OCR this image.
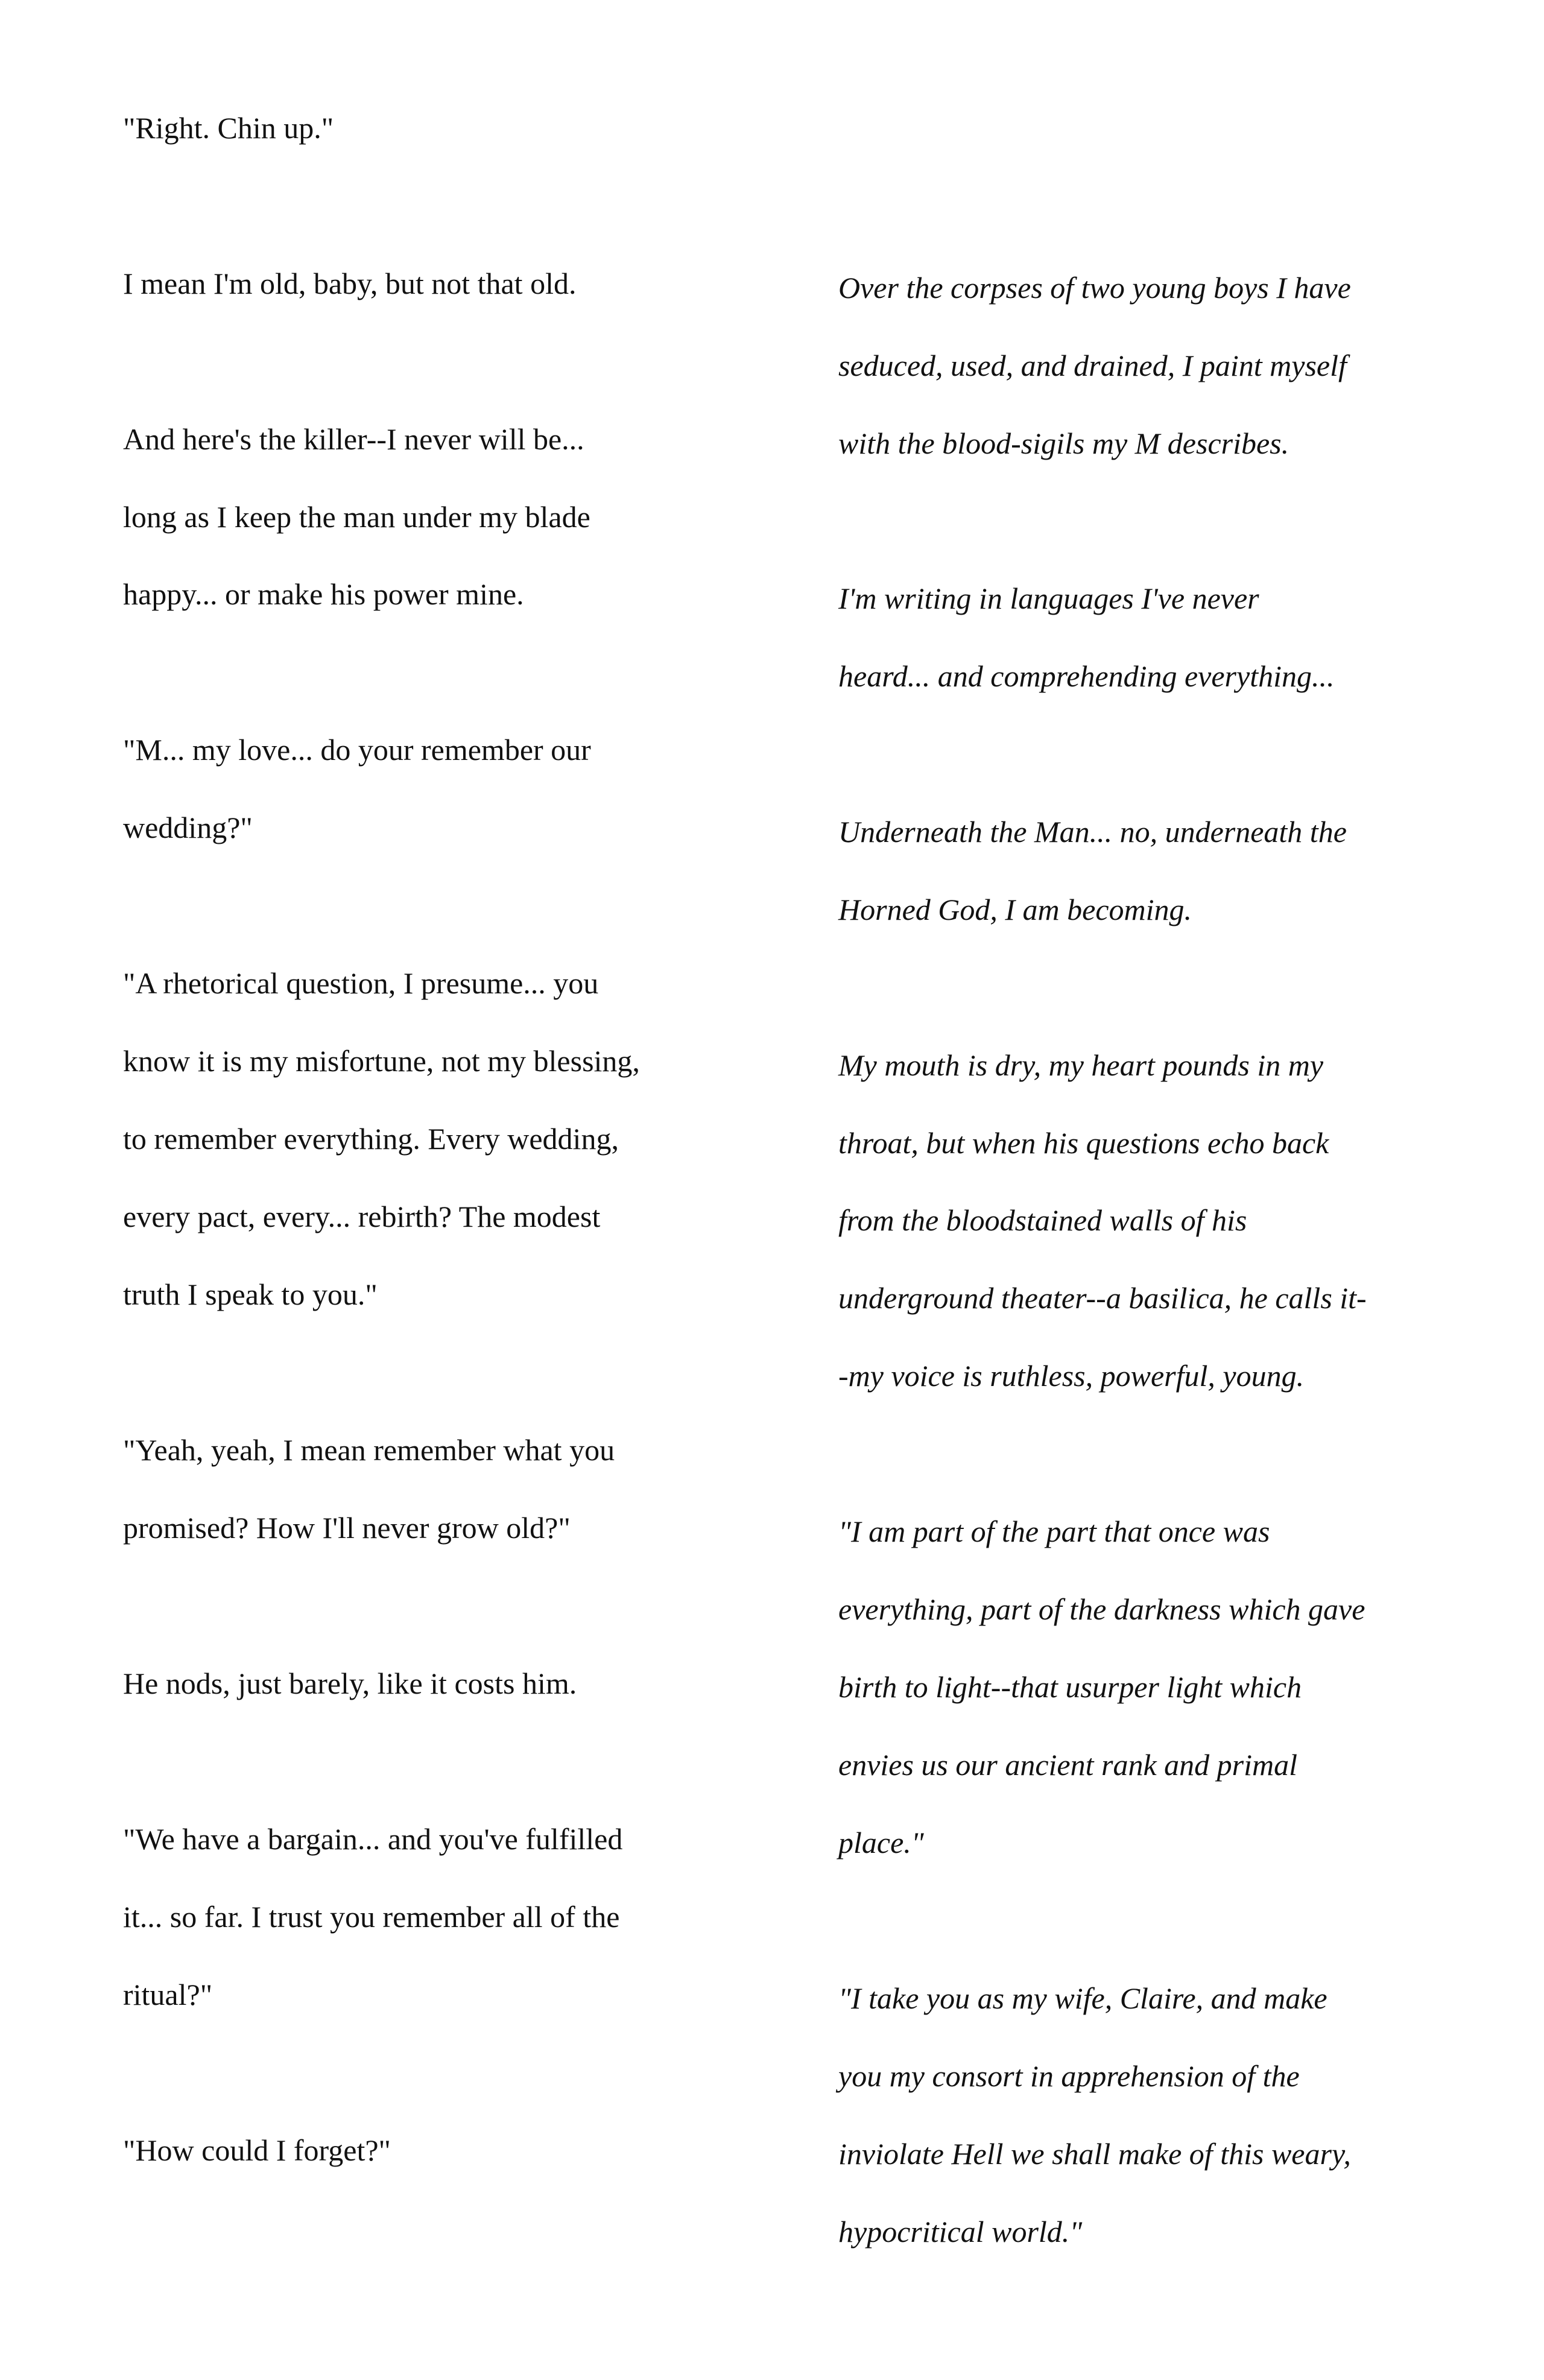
"Right. Chin up."
I mean I'm old, baby, but not that old.
And here's the killer--I never will be...
long as I keep the man under my blade
happy... or make his power mine.
"M... my love... do your remember our
wedding?"
"A rhetorical question, I presume... you
know it is my misfortune, not my blessing,
to remember everything. Every wedding,
every pact, every... rebirth? The modest
truth I speak to you."
"Yeah, yeah, I mean remember what you
promised? How I'll never grow old?"
He nods, just barely, like it costs him.
"We have a bargain... and you've fulfilled
it... so far. I trust you remember all of the
ritual?"
"How could I forget?"
Over the corpses of two young boys I have
seduced, used, and drained, I paint myself
with the blood-sigils my M describes.
I'm writing in languages I've never
heard... and comprehending everything...
Underneath the Man... no, underneath the
Horned God, I am becoming.
My mouth is dry, my heart pounds in my
throat, but when his questions echo back
from the bloodstained walls of his
underground theater--a basilica, he calls it-
-my voice is ruthless, powerful, young.
"I am part of the part that once was
everything, part of the darkness which gave
birth to light--that usurper light which
envies us our ancient rank and primal
place."
"I take you as my wife, Claire, and make
you my consort in apprehension of the
inviolate Hell we shall make of this weary,
hypocritical world."
